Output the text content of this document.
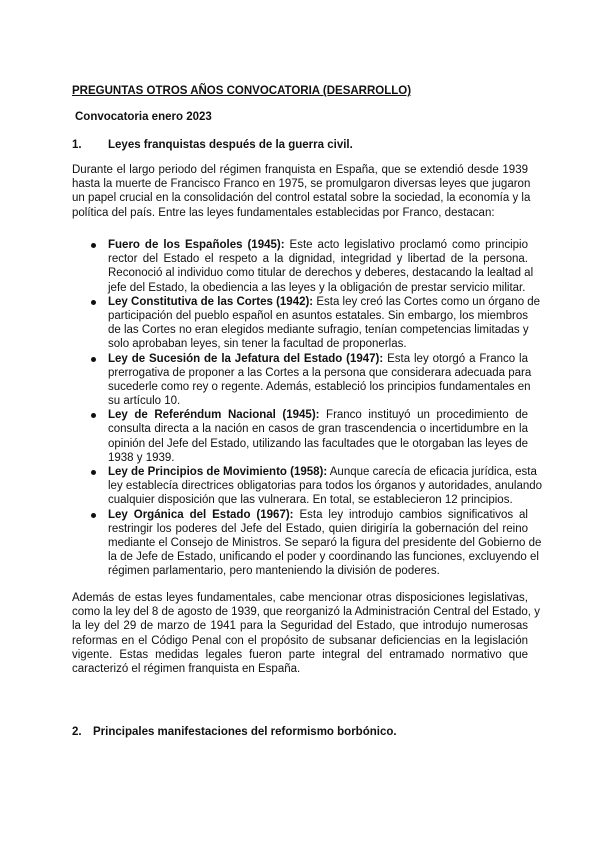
PREGUNTAS OTROS AÑOS CONVOCATORIA (DESARROLLO)
Convocatoria enero 2023
1. Leyes franquistas después de la guerra civil.
Durante el largo periodo del régimen franquista en España, que se extendió desde 1939
hasta la muerte de Francisco Franco en 1975, se promulgaron diversas leyes que jugaron
un papel crucial en la consolidación del control estatal sobre la sociedad, la economía y la
política del país. Entre las leyes fundamentales establecidas por Franco, destacan:
Fuero de los Españoles (1945): Este acto legislativo proclamó como principio
rector del Estado el respeto a la dignidad, integridad y libertad de la persona.
Reconoció al individuo como titular de derechos y deberes, destacando la lealtad al
jefe del Estado, la obediencia a las leyes y la obligación de prestar servicio militar.
Ley Constitutiva de las Cortes (1942): Esta ley creó las Cortes como un órgano de
participación del pueblo español en asuntos estatales. Sin embargo, los miembros
de las Cortes no eran elegidos mediante sufragio, tenían competencias limitadas y
solo aprobaban leyes, sin tener la facultad de proponerlas.
Ley de Sucesión de la Jefatura del Estado (1947): Esta ley otorgó a Franco la
prerrogativa de proponer a las Cortes a la persona que considerara adecuada para
sucederle como rey o regente. Además, estableció los principios fundamentales en
su artículo 10.
Ley de Referéndum Nacional (1945): Franco instituyó un procedimiento de
consulta directa a la nación en casos de gran trascendencia o incertidumbre en la
opinión del Jefe del Estado, utilizando las facultades que le otorgaban las leyes de
1938 y 1939.
Ley de Principios de Movimiento (1958): Aunque carecía de eficacia jurídica, esta
ley establecía directrices obligatorias para todos los órganos y autoridades, anulando
cualquier disposición que las vulnerara. En total, se establecieron 12 principios.
Ley Orgánica del Estado (1967): Esta ley introdujo cambios significativos al
restringir los poderes del Jefe del Estado, quien dirigiría la gobernación del reino
mediante el Consejo de Ministros. Se separó la figura del presidente del Gobierno de
la de Jefe de Estado, unificando el poder y coordinando las funciones, excluyendo el
régimen parlamentario, pero manteniendo la división de poderes.
Además de estas leyes fundamentales, cabe mencionar otras disposiciones legislativas,
como la ley del 8 de agosto de 1939, que reorganizó la Administración Central del Estado, y
la ley del 29 de marzo de 1941 para la Seguridad del Estado, que introdujo numerosas
reformas en el Código Penal con el propósito de subsanar deficiencias en la legislación
vigente. Estas medidas legales fueron parte integral del entramado normativo que
caracterizó el régimen franquista en España.
2. Principales manifestaciones del reformismo borbónico.
